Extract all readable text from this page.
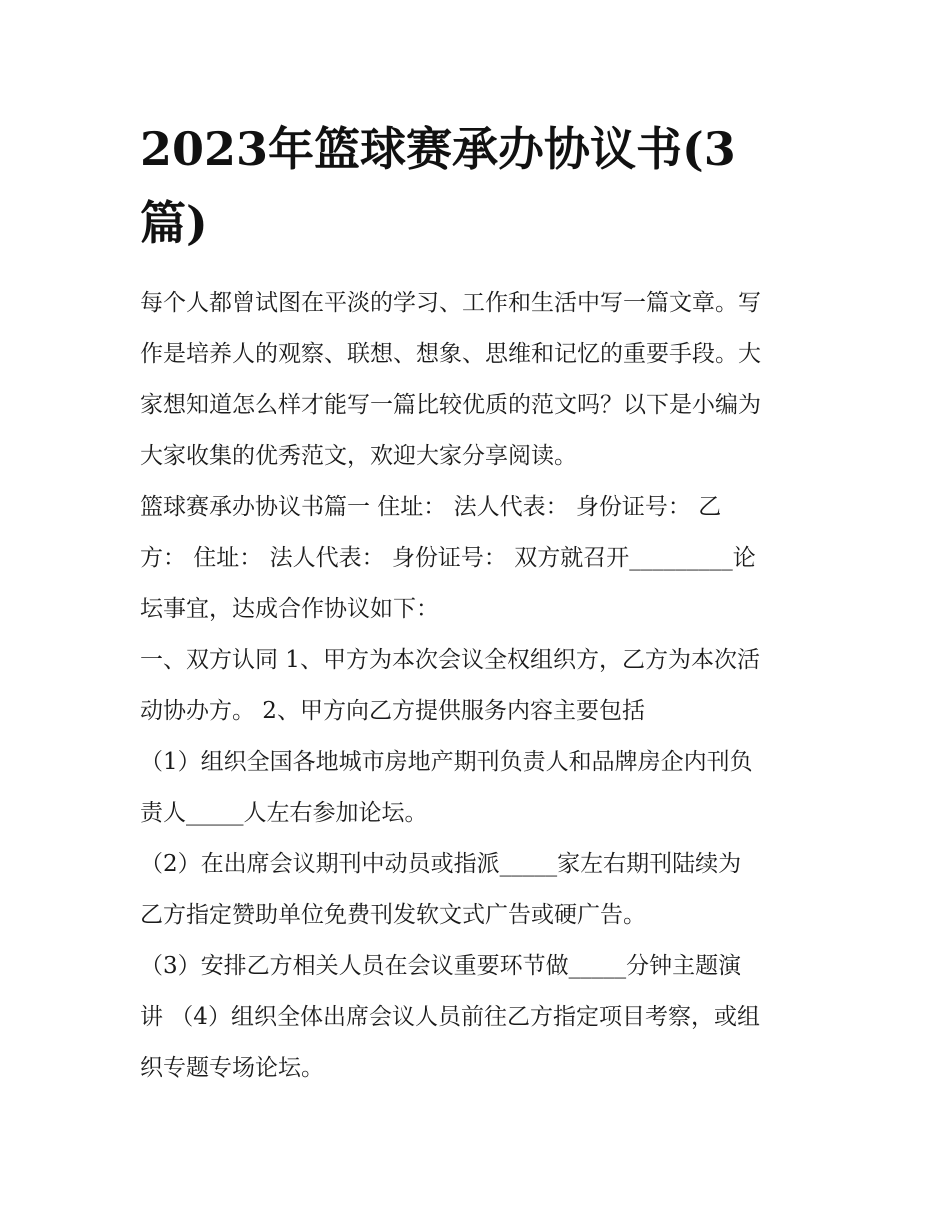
2023年篮球赛承办协议书(3
篇)

每个人都曾试图在平淡的学习、工作和生活中写一篇文章。写
作是培养人的观察、联想、想象、思维和记忆的重要手段。大
家想知道怎么样才能写一篇比较优质的范文吗？以下是小编为
大家收集的优秀范文，欢迎大家分享阅读。

篮球赛承办协议书篇一 住址： 法人代表： 身份证号： 乙
方： 住址： 法人代表： 身份证号： 双方就召开_________论
坛事宜，达成合作协议如下：
一、双方认同 1、甲方为本次会议全权组织方，乙方为本次活
动协办方。 2、甲方向乙方提供服务内容主要包括
（1）组织全国各地城市房地产期刊负责人和品牌房企内刊负
责人_____人左右参加论坛。
（2）在出席会议期刊中动员或指派_____家左右期刊陆续为
乙方指定赞助单位免费刊发软文式广告或硬广告。
（3）安排乙方相关人员在会议重要环节做_____分钟主题演
讲 （4）组织全体出席会议人员前往乙方指定项目考察，或组
织专题专场论坛。
